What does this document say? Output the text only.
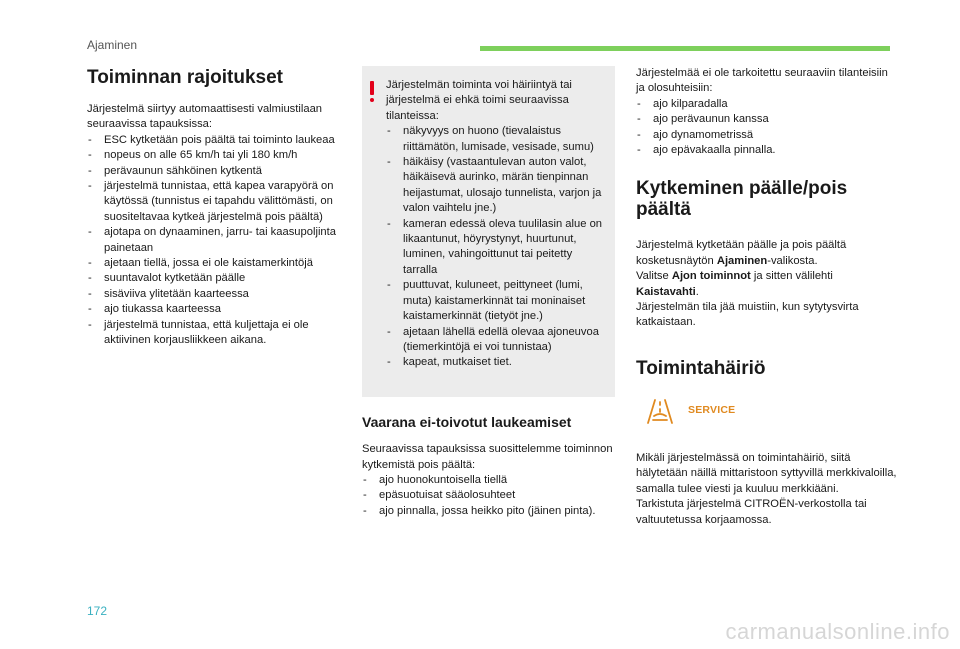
Ajaminen
Toiminnan rajoitukset

Järjestelmä siirtyy automaattisesti valmiustilaan seuraavissa tapauksissa:

- ESC kytketään pois päältä tai toiminto laukeaa
- nopeus on alle 65 km/h tai yli 180 km/h
- perävaunun sähköinen kytkentä
- järjestelmä tunnistaa, että kapea varapyörä on käytössä (tunnistus ei tapahdu välittömästi, on suositeltavaa kytkeä järjestelmä pois päältä)
- ajotapa on dynaaminen, jarru- tai kaasupoljinta painetaan
- ajetaan tiellä, jossa ei ole kaistamerkintöjä
- suuntavalot kytketään päälle
- sisäviiva ylitetään kaarteessa
- ajo tiukassa kaarteessa
- järjestelmä tunnistaa, että kuljettaja ei ole aktiivinen korjausliikkeen aikana.

Järjestelmän toiminta voi häiriintyä tai järjestelmä ei ehkä toimi seuraavissa tilanteissa:

- näkyvyys on huono (tievalaistus riittämätön, lumisade, vesisade, sumu)
- häikäisy (vastaantulevan auton valot, häikäisevä aurinko, märän tienpinnan heijastumat, ulosajo tunnelista, varjon ja valon vaihtelu jne.)
- kameran edessä oleva tuulilasin alue on likaantunut, höyrystynyt, huurtunut, luminen, vahingoittunut tai peitetty tarralla
- puuttuvat, kuluneet, peittyneet (lumi, muta) kaistamerkinnät tai moninaiset kaistamerkinnät (tietyöt jne.)
- ajetaan lähellä edellä olevaa ajoneuvoa (tiemerkintöjä ei voi tunnistaa)
- kapeat, mutkaiset tiet.
Vaarana ei-toivotut laukeamiset

Seuraavissa tapauksissa suosittelemme toiminnon kytkemistä pois päältä:

- ajo huonokuntoisella tiellä
- epäsuotuisat sääolosuhteet
- ajo pinnalla, jossa heikko pito (jäinen pinta).

Järjestelmää ei ole tarkoitettu seuraaviin tilanteisiin ja olosuhteisiin:

- ajo kilparadalla
- ajo perävaunun kanssa
- ajo dynamometrissä
- ajo epävakaalla pinnalla.
Kytkeminen päälle/pois päältä

Järjestelmä kytketään päälle ja pois päältä kosketusnäytön Ajaminen-valikosta.

Valitse Ajon toiminnot ja sitten välilehti Kaistavahti.

Järjestelmän tila jää muistiin, kun sytytysvirta katkaistaan.

Toimintahäiriö
SERVICE

Mikäli järjestelmässä on toimintahäiriö, siitä hälytetään näillä mittaristoon syttyvillä merkkivaloilla, samalla tulee viesti ja kuuluu merkkiääni.

Tarkistuta järjestelmä CITROËN-verkostolla tai valtuutetussa korjaamossa.

172
carmanualsonline.info
